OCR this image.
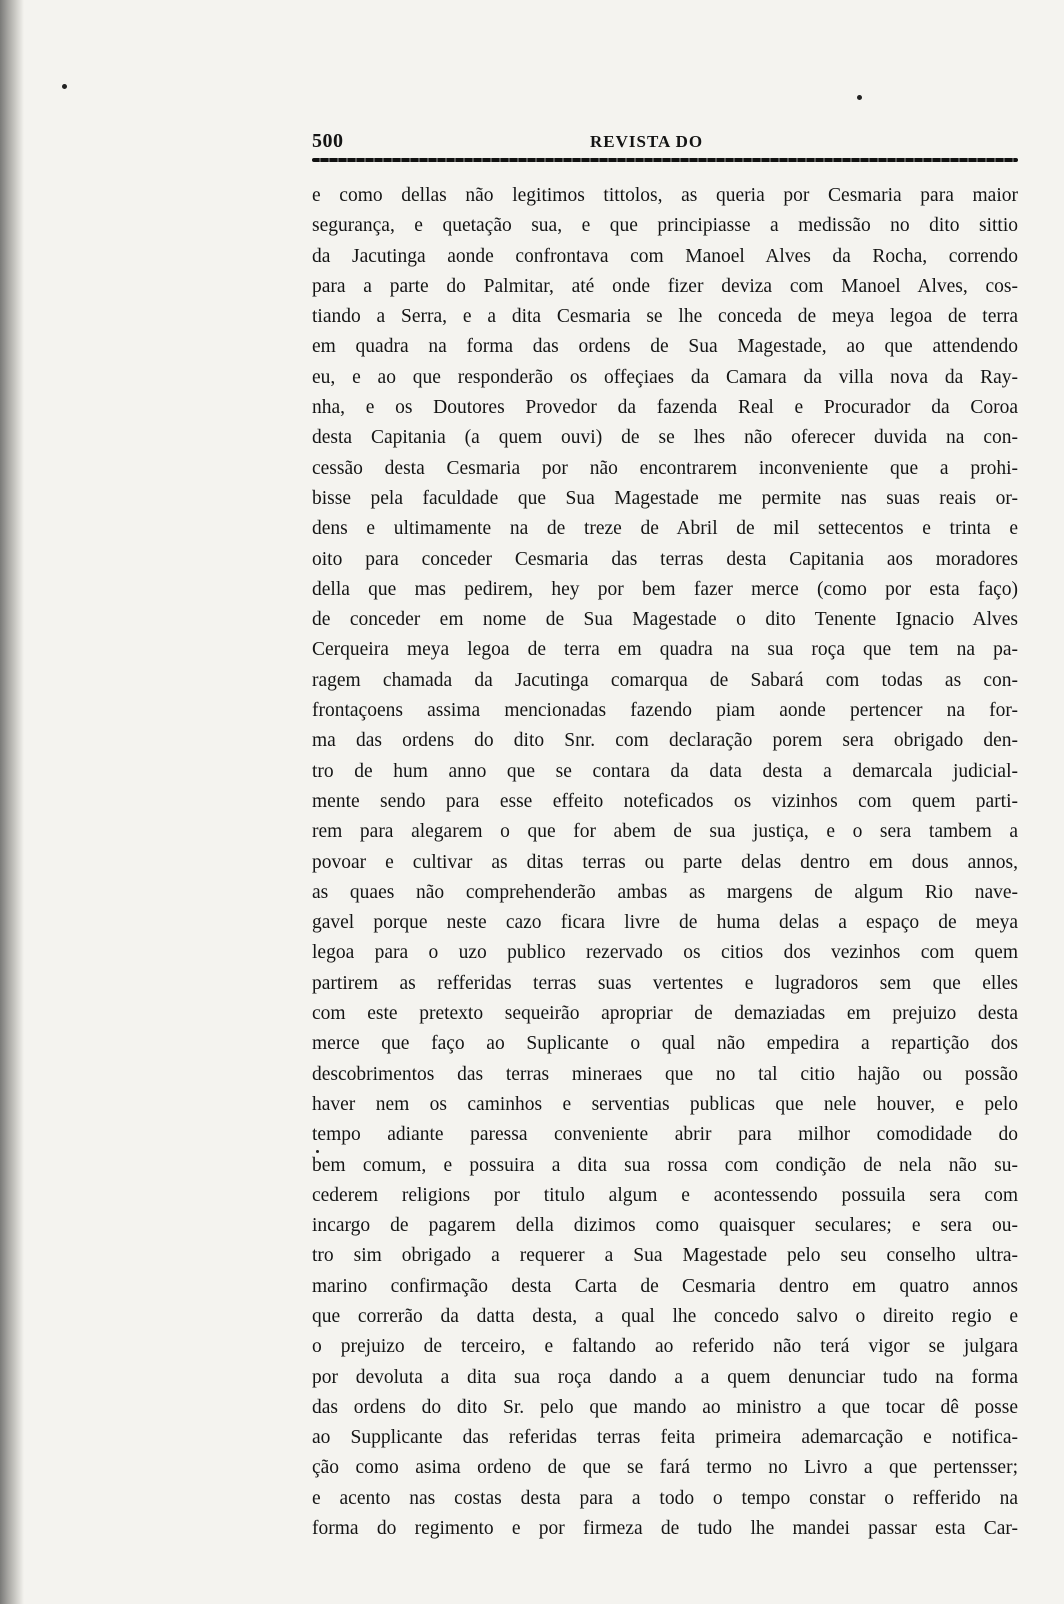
500	REVISTA DO
e como dellas não legitimos tittolos, as queria por Cesmaria para maior
segurança, e quetação sua, e que principiasse a medissão no dito sittio
da Jacutinga aonde confrontava com Manoel Alves da Rocha, correndo
para a parte do Palmitar, até onde fizer deviza com Manoel Alves, cos-
tiando a Serra, e a dita Cesmaria se lhe conceda de meya legoa de terra
em quadra na forma das ordens de Sua Magestade, ao que attendendo
eu, e ao que responderão os offeçiaes da Camara da villa nova da Ray-
nha, e os Doutores Provedor da fazenda Real e Procurador da Coroa
desta Capitania (a quem ouvi) de se lhes não oferecer duvida na con-
cessão desta Cesmaria por não encontrarem inconveniente que a prohi-
bisse pela faculdade que Sua Magestade me permite nas suas reais or-
dens e ultimamente na de treze de Abril de mil settecentos e trinta e
oito para conceder Cesmaria das terras desta Capitania aos moradores
della que mas pedirem, hey por bem fazer merce (como por esta faço)
de conceder em nome de Sua Magestade o dito Tenente Ignacio Alves
Cerqueira meya legoa de terra em quadra na sua roça que tem na pa-
ragem chamada da Jacutinga comarqua de Sabará com todas as con-
frontaçoens assima mencionadas fazendo piam aonde pertencer na for-
ma das ordens do dito Snr. com declaração porem sera obrigado den-
tro de hum anno que se contara da data desta a demarcala judicial-
mente sendo para esse effeito noteficados os vizinhos com quem parti-
rem para alegarem o que for abem de sua justiça, e o sera tambem a
povoar e cultivar as ditas terras ou parte delas dentro em dous annos,
as quaes não comprehenderão ambas as margens de algum Rio nave-
gavel porque neste cazo ficara livre de huma delas a espaço de meya
legoa para o uzo publico rezervado os citios dos vezinhos com quem
partirem as refferidas terras suas vertentes e lugradoros sem que elles
com este pretexto sequeirão apropriar de demaziadas em prejuizo desta
merce que faço ao Suplicante o qual não empedira a repartição dos
descobrimentos das terras mineraes que no tal citio hajão ou possão
haver nem os caminhos e serventias publicas que nele houver, e pelo
tempo adiante paressa conveniente abrir para milhor comodidade do
bem comum, e possuira a dita sua rossa com condição de nela não su-
cederem religions por titulo algum e acontessendo possuila sera com
incargo de pagarem della dizimos como quaisquer seculares; e sera ou-
tro sim obrigado a requerer a Sua Magestade pelo seu conselho ultra-
marino confirmação desta Carta de Cesmaria dentro em quatro annos
que correrão da datta desta, a qual lhe concedo salvo o direito regio e
o prejuizo de terceiro, e faltando ao referido não terá vigor se julgara
por devoluta a dita sua roça dando a a quem denunciar tudo na forma
das ordens do dito Sr. pelo que mando ao ministro a que tocar dê posse
ao Supplicante das referidas terras feita primeira ademarcação e notifica-
ção como asima ordeno de que se fará termo no Livro a que pertensser;
e acento nas costas desta para a todo o tempo constar o refferido na
forma do regimento e por firmeza de tudo lhe mandei passar esta Car-
